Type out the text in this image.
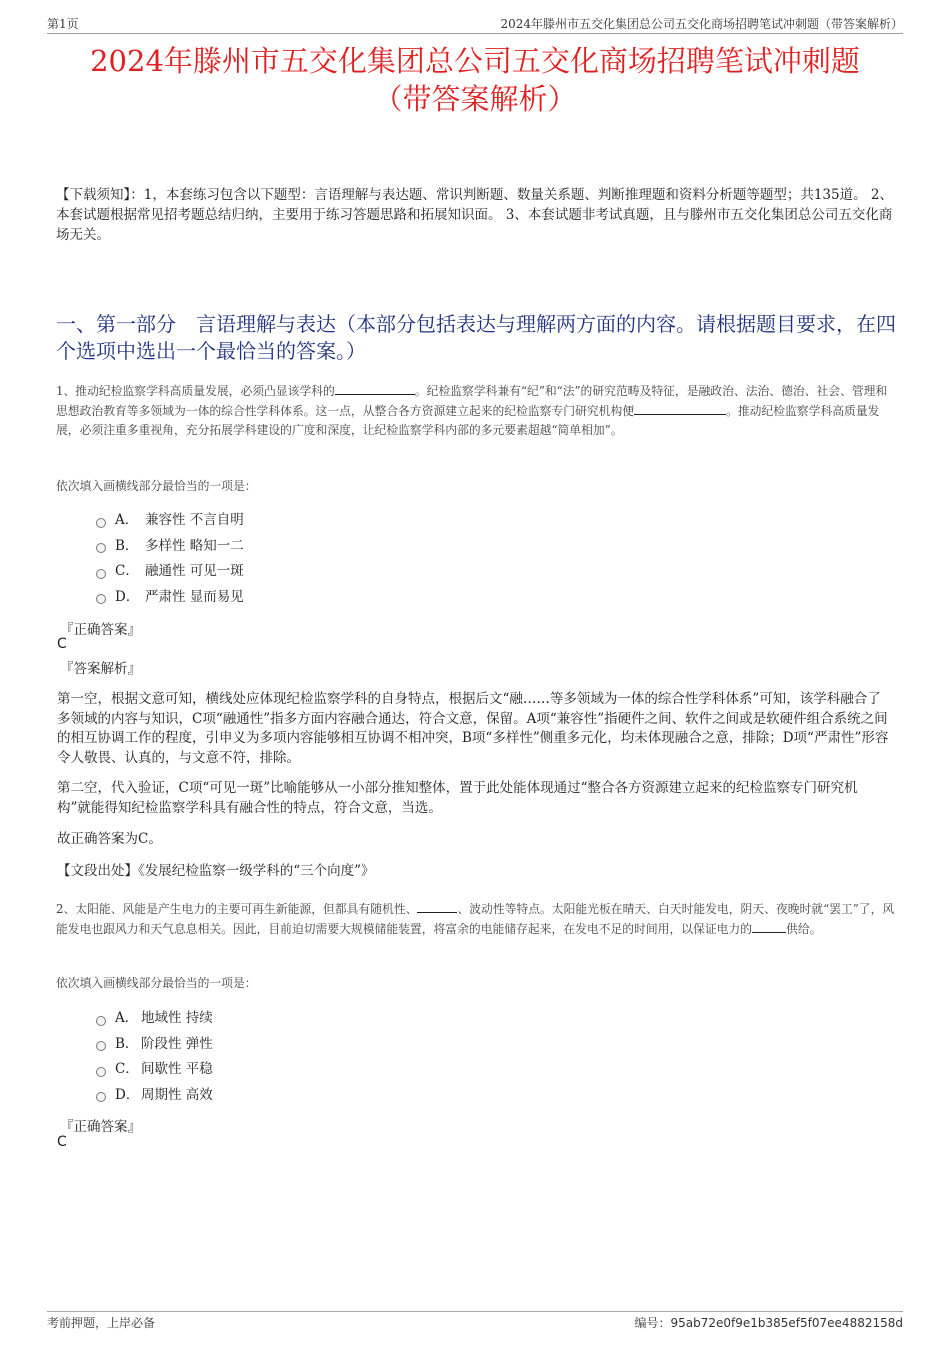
第1页	2024年滕州市五交化集团总公司五交化商场招聘笔试冲刺题（带答案解析）
2024年滕州市五交化集团总公司五交化商场招聘笔试冲刺题
（带答案解析）
【下载须知】：1，本套练习包含以下题型：言语理解与表达题、常识判断题、数量关系题、判断推理题和资料分析题等题型；共135道。 2、本套试题根据常见招考题总结归纳，主要用于练习答题思路和拓展知识面。 3、本套试题非考试真题，且与滕州市五交化集团总公司五交化商场无关。
一、第一部分　言语理解与表达（本部分包括表达与理解两方面的内容。请根据题目要求，在四个选项中选出一个最恰当的答案。）
1、推动纪检监察学科高质量发展，必须凸显该学科的	。纪检监察学科兼有“纪”和“法”的研究范畴及特征，是融政治、法治、德治、社会、管理和思想政治教育等多领域为一体的综合性学科体系。这一点，从整合各方资源建立起来的纪检监察专门研究机构便	。推动纪检监察学科高质量发展，必须注重多重视角，充分拓展学科建设的广度和深度，让纪检监察学科内部的多元要素超越“简单相加”。
依次填入画横线部分最恰当的一项是：
A． 兼容性 不言自明
B． 多样性 略知一二
C． 融通性 可见一斑
D． 严肃性 显而易见
『正确答案』
C
『答案解析』
第一空，根据文意可知，横线处应体现纪检监察学科的自身特点，根据后文“融……等多领域为一体的综合性学科体系”可知，该学科融合了多领域的内容与知识，C项“融通性”指多方面内容融合通达，符合文意，保留。A项“兼容性”指硬件之间、软件之间或是软硬件组合系统之间的相互协调工作的程度，引申义为多项内容能够相互协调不相冲突，B项“多样性”侧重多元化，均未体现融合之意，排除；D项“严肃性”形容令人敬畏、认真的，与文意不符，排除。
第二空，代入验证，C项“可见一斑”比喻能够从一小部分推知整体，置于此处能体现通过“整合各方资源建立起来的纪检监察专门研究机构”就能得知纪检监察学科具有融合性的特点，符合文意，当选。
故正确答案为C。
【文段出处】《发展纪检监察一级学科的“三个向度”》
2、太阳能、风能是产生电力的主要可再生新能源，但都具有随机性、	、波动性等特点。太阳能光板在晴天、白天时能发电，阴天、夜晚时就“罢工”了，风能发电也跟风力和天气息息相关。因此，目前迫切需要大规模储能装置，将富余的电能储存起来，在发电不足的时间用，以保证电力的	供给。
依次填入画横线部分最恰当的一项是：
A． 地域性 持续
B． 阶段性 弹性
C． 间歇性 平稳
D． 周期性 高效
『正确答案』
C
考前押题，上岸必备	编号：95ab72e0f9e1b385ef5f07ee4882158d
